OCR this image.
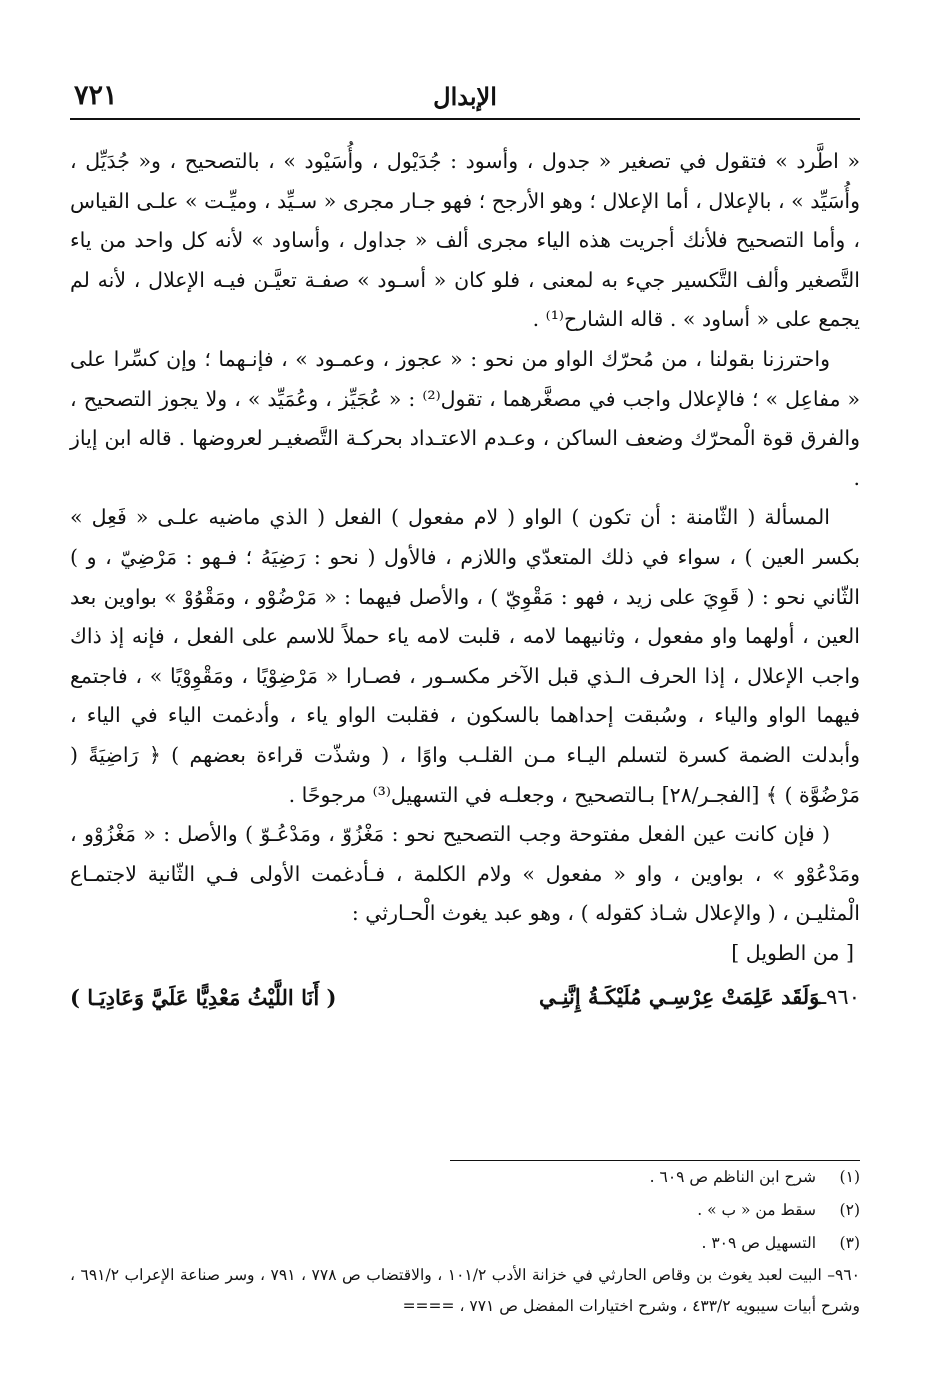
الإبدال
٧٢١

« اطَّرد » فتقول في تصغير « جدول ، وأسود : جُدَيْول ، وأُسَيْود » ، بالتصحيح ، و« جُدَيِّل ، وأُسَيِّد » ، بالإعلال ، أما الإعلال ؛ وهو الأرجح ؛ فهو جـار مجرى « سـيِّد ، وميِّـت » علـى القياس ، وأما التصحيح فلأنك أجريت هذه الياء مجرى ألف « جداول ، وأساود » لأنه كل واحد من ياء التَّصغير وألف التَّكسير جيء به لمعنى ، فلو كان « أسـود » صفـة تعيَّـن فيـه الإعلال ، لأنه لم يجمع على « أساود » . قاله الشارح⁽¹⁾ .

واحترزنا بقولنا ، من مُحرّك الواو من نحو : « عجوز ، وعمـود » ، فإنـهما ؛ وإن كسِّرا على « مفاعِل » ؛ فالإعلال واجب في مصغَّرهما ، تقول⁽²⁾ : « عُجَيِّز ، وعُمَيِّد » ، ولا يجوز التصحيح ، والفرق قوة الْمحرّك وضعف الساكن ، وعـدم الاعتـداد بحركـة التَّصغيـر لعروضها . قاله ابن إياز .

المسألة ( الثّامنة : أن تكون ) الواو ( لام مفعول ) الفعل ( الذي ماضيه علـى « فَعِل » بكسر العين ) ، سواء في ذلك المتعدّي واللازم ، فالأول ( نحو : رَضِيَهُ ؛ فـهو : مَرْضِيّ ، و ) الثّاني نحو : ( قَوِيَ على زيد ، فهو : مَقْوِيّ ) ، والأصل فيهما : « مَرْضُوْو ، ومَقْوُوْ » بواوين بعد العين ، أولهما واو مفعول ، وثانيهما لامه ، قلبت لامه ياء حملاً للاسم على الفعل ، فإنه إذ ذاك واجب الإعلال ، إذا الحرف الـذي قبل الآخر مكسـور ، فصـارا « مَرْضِوْيًا ، ومَقْوِوْيًا » ، فاجتمع فيهما الواو والياء ، وسُبقت إحداهما بالسكون ، فقلبت الواو ياء ، وأدغمت الياء في الياء ، وأبدلت الضمة كسرة لتسلم اليـاء مـن القلـب واوًا ، ( وشذّت قراءة بعضهم ) ﴿ رَاضِيَةً ( مَرْضُوَّة ) ﴾ [الفجـر/٢٨] بـالتصحيح ، وجعلـه في التسهيل⁽³⁾ مرجوحًا .

( فإن كانت عين الفعل مفتوحة وجب التصحيح نحو : مَغْزُوّ ، ومَدْعُـوّ ) والأصل : « مَغْزُوْو ، ومَدْعُوْو » ، بواوين ، واو « مفعول » ولام الكلمة ، فـأدغمت الأولى فـي الثّانية لاجتمـاع الْمثليـن ، ( والإعلال شـاذ كقوله ) ، وهو عبد يغوث الْحـارثي :

[ من الطويل ]

٩٦٠ـوَلَقَد عَلِمَتْ عِرْسِـي مُلَيْكَـةُ إِنَّنِـي
( أَنَا اللَّيْثُ مَعْدِيًّا عَلَيَّ وَعَادِيَـا )
(١)
شرح ابن الناظم ص ٦٠٩ .
(٢)
سقط من « ب » .
(٣)
التسهيل ص ٣٠٩ .
٩٦٠– البيت لعبد يغوث بن وقاص الحارثي في خزانة الأدب ١٠١/٢ ، والاقتضاب ص ٧٧٨ ، ٧٩١ ، وسر صناعة الإعراب ٦٩١/٢ ، وشرح أبيات سيبويه ٤٣٣/٢ ، وشرح اختيارات المفضل ص ٧٧١ ، ====
